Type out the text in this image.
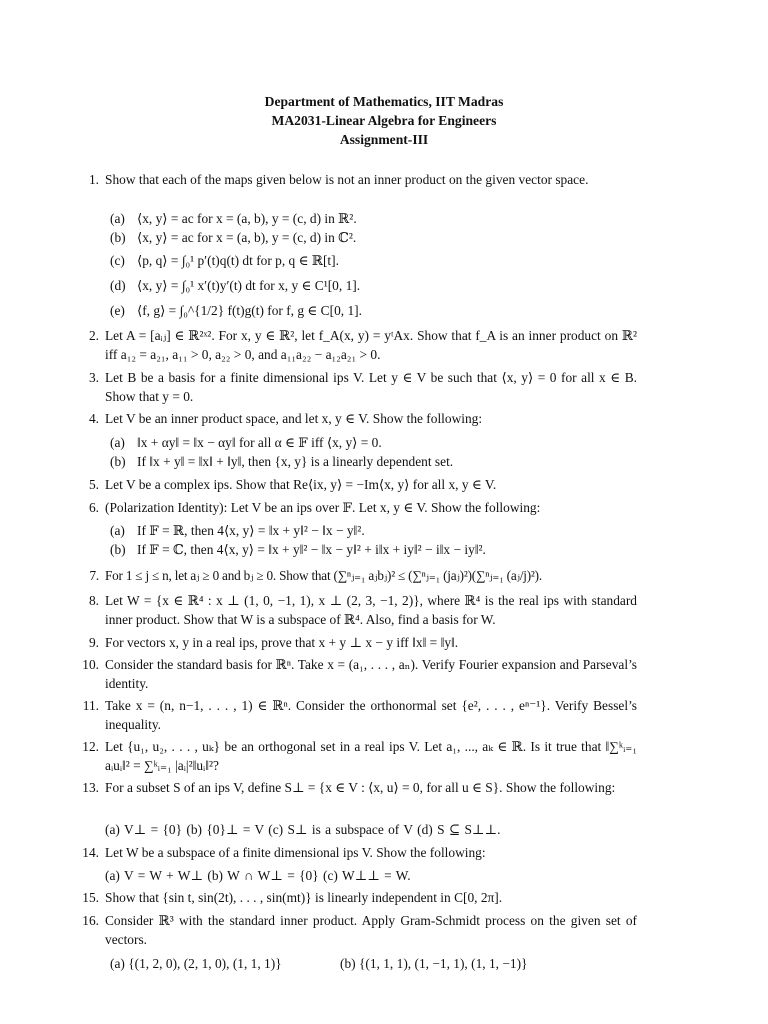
Department of Mathematics, IIT Madras
MA2031-Linear Algebra for Engineers
Assignment-III
1. Show that each of the maps given below is not an inner product on the given vector space.
(a) ⟨x, y⟩ = ac for x = (a, b), y = (c, d) in ℝ².
(b) ⟨x, y⟩ = ac for x = (a, b), y = (c, d) in ℂ².
(c) ⟨p, q⟩ = ∫₀¹ p′(t)q(t) dt for p, q ∈ ℝ[t].
(d) ⟨x, y⟩ = ∫₀¹ x′(t)y′(t) dt for x, y ∈ C¹[0, 1].
(e) ⟨f, g⟩ = ∫₀^{1/2} f(t)g(t) for f, g ∈ C[0, 1].
2. Let A = [aᵢⱼ] ∈ ℝ²ˣ². For x, y ∈ ℝ², let f_A(x, y) = yᵗAx. Show that f_A is an inner product on ℝ² iff a₁₂ = a₂₁, a₁₁ > 0, a₂₂ > 0, and a₁₁a₂₂ − a₁₂a₂₁ > 0.
3. Let B be a basis for a finite dimensional ips V. Let y ∈ V be such that ⟨x, y⟩ = 0 for all x ∈ B. Show that y = 0.
4. Let V be an inner product space, and let x, y ∈ V. Show the following:
(a) ‖x + αy‖ = ‖x − αy‖ for all α ∈ 𝔽 iff ⟨x, y⟩ = 0.
(b) If ‖x + y‖ = ‖x‖ + ‖y‖, then {x, y} is a linearly dependent set.
5. Let V be a complex ips. Show that Re⟨ix, y⟩ = −Im⟨x, y⟩ for all x, y ∈ V.
6. (Polarization Identity): Let V be an ips over 𝔽. Let x, y ∈ V. Show the following:
(a) If 𝔽 = ℝ, then 4⟨x, y⟩ = ‖x + y‖² − ‖x − y‖².
(b) If 𝔽 = ℂ, then 4⟨x, y⟩ = ‖x + y‖² − ‖x − y‖² + i‖x + iy‖² − i‖x − iy‖².
7. For 1 ≤ j ≤ n, let aⱼ ≥ 0 and bⱼ ≥ 0. Show that (∑ⁿⱼ₌₁ aⱼbⱼ)² ≤ (∑ⁿⱼ₌₁ (jaⱼ)²)(∑ⁿⱼ₌₁ (aⱼ/j)²).
8. Let W = {x ∈ ℝ⁴ : x ⊥ (1, 0, −1, 1), x ⊥ (2, 3, −1, 2)}, where ℝ⁴ is the real ips with standard inner product. Show that W is a subspace of ℝ⁴. Also, find a basis for W.
9. For vectors x, y in a real ips, prove that x + y ⊥ x − y iff ‖x‖ = ‖y‖.
10. Consider the standard basis for ℝⁿ. Take x = (a₁, . . . , aₙ). Verify Fourier expansion and Parseval’s identity.
11. Take x = (n, n−1, . . . , 1) ∈ ℝⁿ. Consider the orthonormal set {e², . . . , eⁿ⁻¹}. Verify Bessel’s inequality.
12. Let {u₁, u₂, . . . , uₖ} be an orthogonal set in a real ips V. Let a₁, ..., aₖ ∈ ℝ. Is it true that ‖∑ᵏᵢ₌₁ aᵢuᵢ‖² = ∑ᵏᵢ₌₁ |aᵢ|²‖uᵢ‖²?
13. For a subset S of an ips V, define S⊥ = {x ∈ V : ⟨x, u⟩ = 0, for all u ∈ S}. Show the following:
(a) V⊥ = {0} (b) {0}⊥ = V (c) S⊥ is a subspace of V (d) S ⊆ S⊥⊥.
14. Let W be a subspace of a finite dimensional ips V. Show the following:
(a) V = W + W⊥ (b) W ∩ W⊥ = {0} (c) W⊥⊥ = W.
15. Show that {sin t, sin(2t), . . . , sin(mt)} is linearly independent in C[0, 2π].
16. Consider ℝ³ with the standard inner product. Apply Gram-Schmidt process on the given set of vectors.
(a) {(1, 2, 0), (2, 1, 0), (1, 1, 1)}	(b) {(1, 1, 1), (1, −1, 1), (1, 1, −1)}
